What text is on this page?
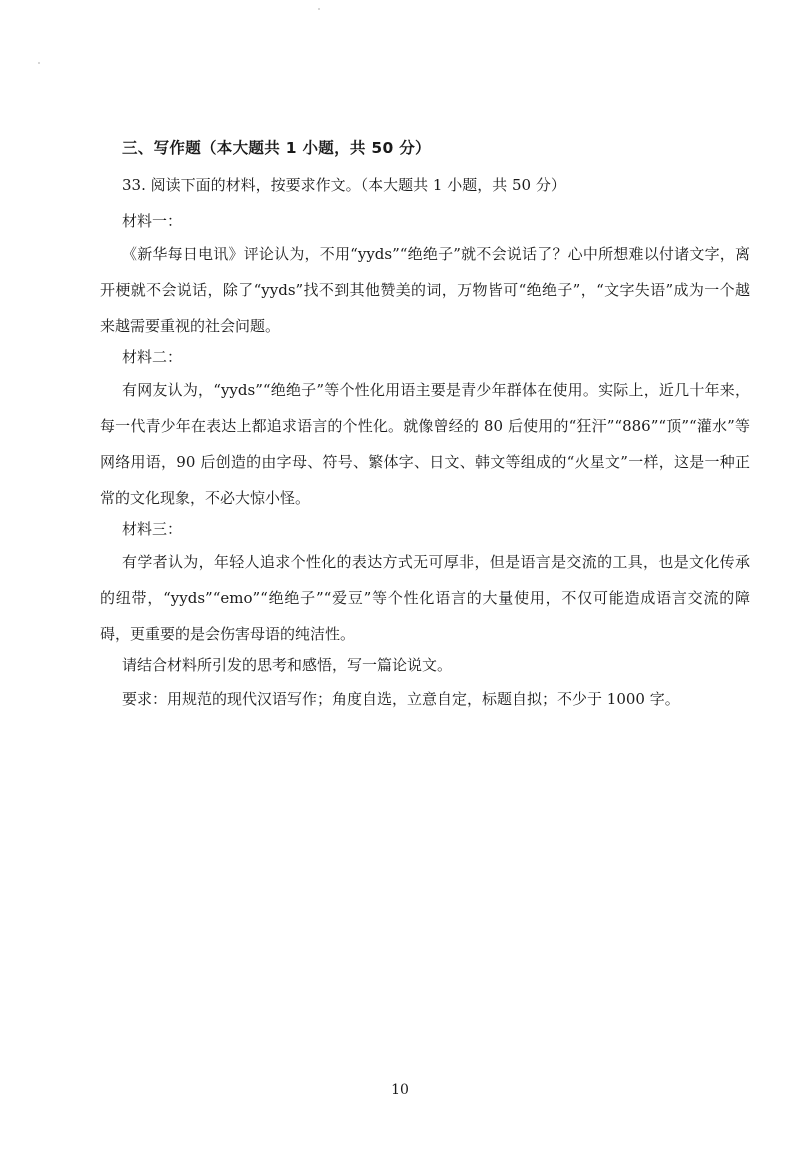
三、写作题（本大题共 1 小题，共 50 分）
33. 阅读下面的材料，按要求作文。（本大题共 1 小题，共 50 分）
材料一：
《新华每日电讯》评论认为，不用“yyds”“绝绝子”就不会说话了？心中所想难以付诸文字，离开梗就不会说话，除了“yyds”找不到其他赞美的词，万物皆可“绝绝子”，“文字失语”成为一个越来越需要重视的社会问题。
材料二：
有网友认为，“yyds”“绝绝子”等个性化用语主要是青少年群体在使用。实际上，近几十年来，每一代青少年在表达上都追求语言的个性化。就像曾经的 80 后使用的“狂汗”“886”“顶”“灌水”等网络用语，90 后创造的由字母、符号、繁体字、日文、韩文等组成的“火星文”一样，这是一种正常的文化现象，不必大惊小怪。
材料三：
有学者认为，年轻人追求个性化的表达方式无可厚非，但是语言是交流的工具，也是文化传承的纽带，“yyds”“emo”“绝绝子”“爱豆”等个性化语言的大量使用，不仅可能造成语言交流的障碍，更重要的是会伤害母语的纯洁性。
请结合材料所引发的思考和感悟，写一篇论说文。
要求：用规范的现代汉语写作；角度自选，立意自定，标题自拟；不少于 1000 字。
10
